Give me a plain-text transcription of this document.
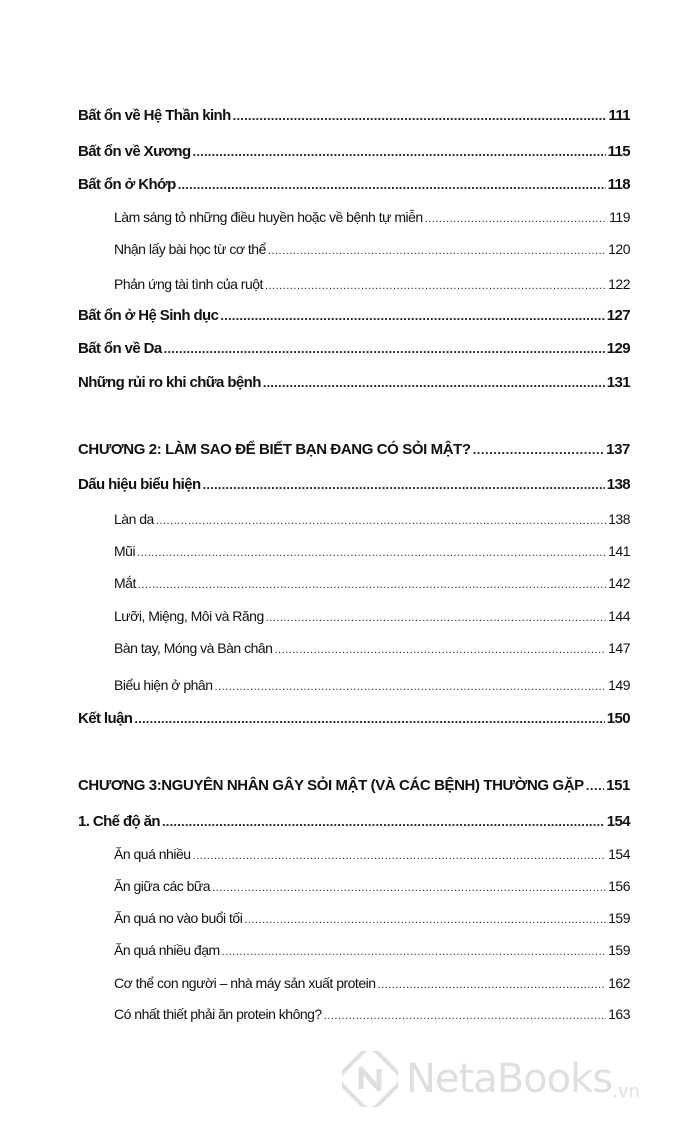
Bất ổn về Hệ Thần kinh .....	111
Bất ổn về Xương .....	115
Bất ổn ở Khớp .....	118
Làm sáng tỏ những điều huyền hoặc về bệnh tự miễn .....	119
Nhận lấy bài học từ cơ thể .....	120
Phản ứng tài tình của ruột .....	122
Bất ổn ở Hệ Sinh dục .....	127
Bất ổn về Da .....	129
Những rủi ro khi chữa bệnh .....	131
CHƯƠNG 2: LÀM SAO ĐỂ BIẾT BẠN ĐANG CÓ SỎI MẬT? .....	137
Dấu hiệu biểu hiện .....	138
Làn da .....	138
Mũi .....	141
Mắt .....	142
Lưỡi, Miệng, Môi và Răng .....	144
Bàn tay, Móng và Bàn chân .....	147
Biểu hiện ở phân .....	149
Kết luận .....	150
CHƯƠNG 3:NGUYÊN NHÂN GÂY SỎI MẬT (VÀ CÁC BỆNH) THƯỜNG GẶP ..... 151
1. Chế độ ăn .....	154
Ăn quá nhiều .....	154
Ăn giữa các bữa .....	156
Ăn quá no vào buổi tối .....	159
Ăn quá nhiều đạm .....	159
Cơ thể con người – nhà máy sản xuất protein .....	162
Có nhất thiết phải ăn protein không? .....	163
NetaBooks .vn
